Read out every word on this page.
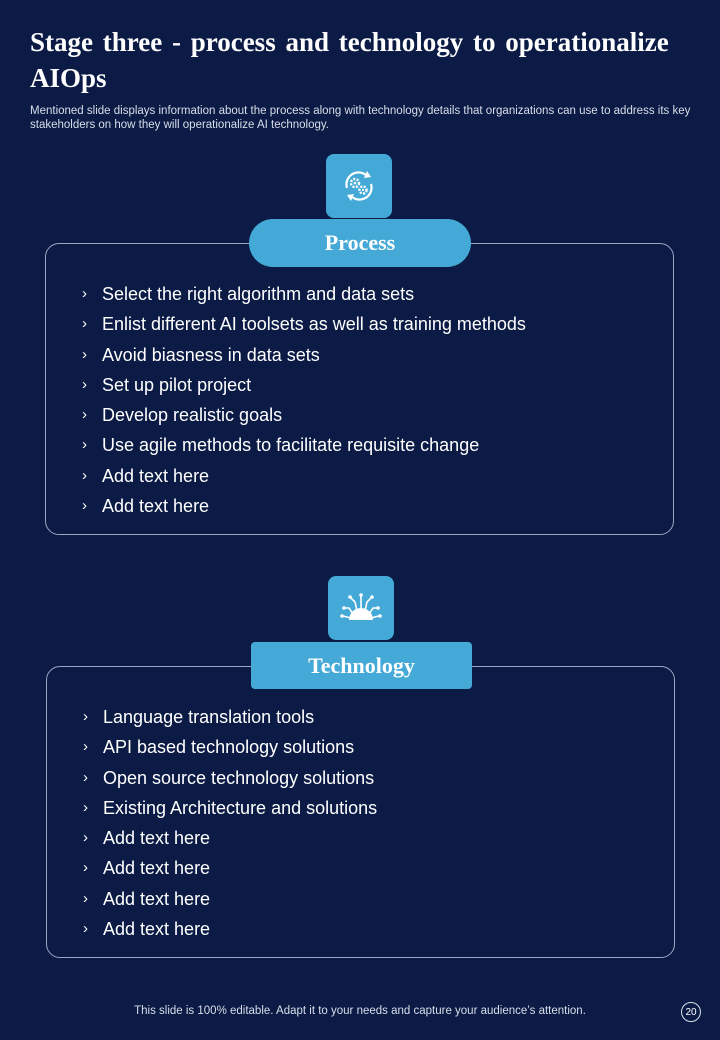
Stage three - process and technology to operationalize AIOps

Mentioned slide displays information about the process along with technology details that organizations can use to address its key stakeholders on how they will operationalize AI technology.

Process
› Select the right algorithm and data sets
› Enlist different AI toolsets as well as training methods
› Avoid biasness in data sets
› Set up pilot project
› Develop realistic goals
› Use agile methods to facilitate requisite change
› Add text here
› Add text here
Technology
› Language translation tools
› API based technology solutions
› Open source technology solutions
› Existing Architecture and solutions
› Add text here
› Add text here
› Add text here
› Add text here
This slide is 100% editable. Adapt it to your needs and capture your audience’s attention.	20
